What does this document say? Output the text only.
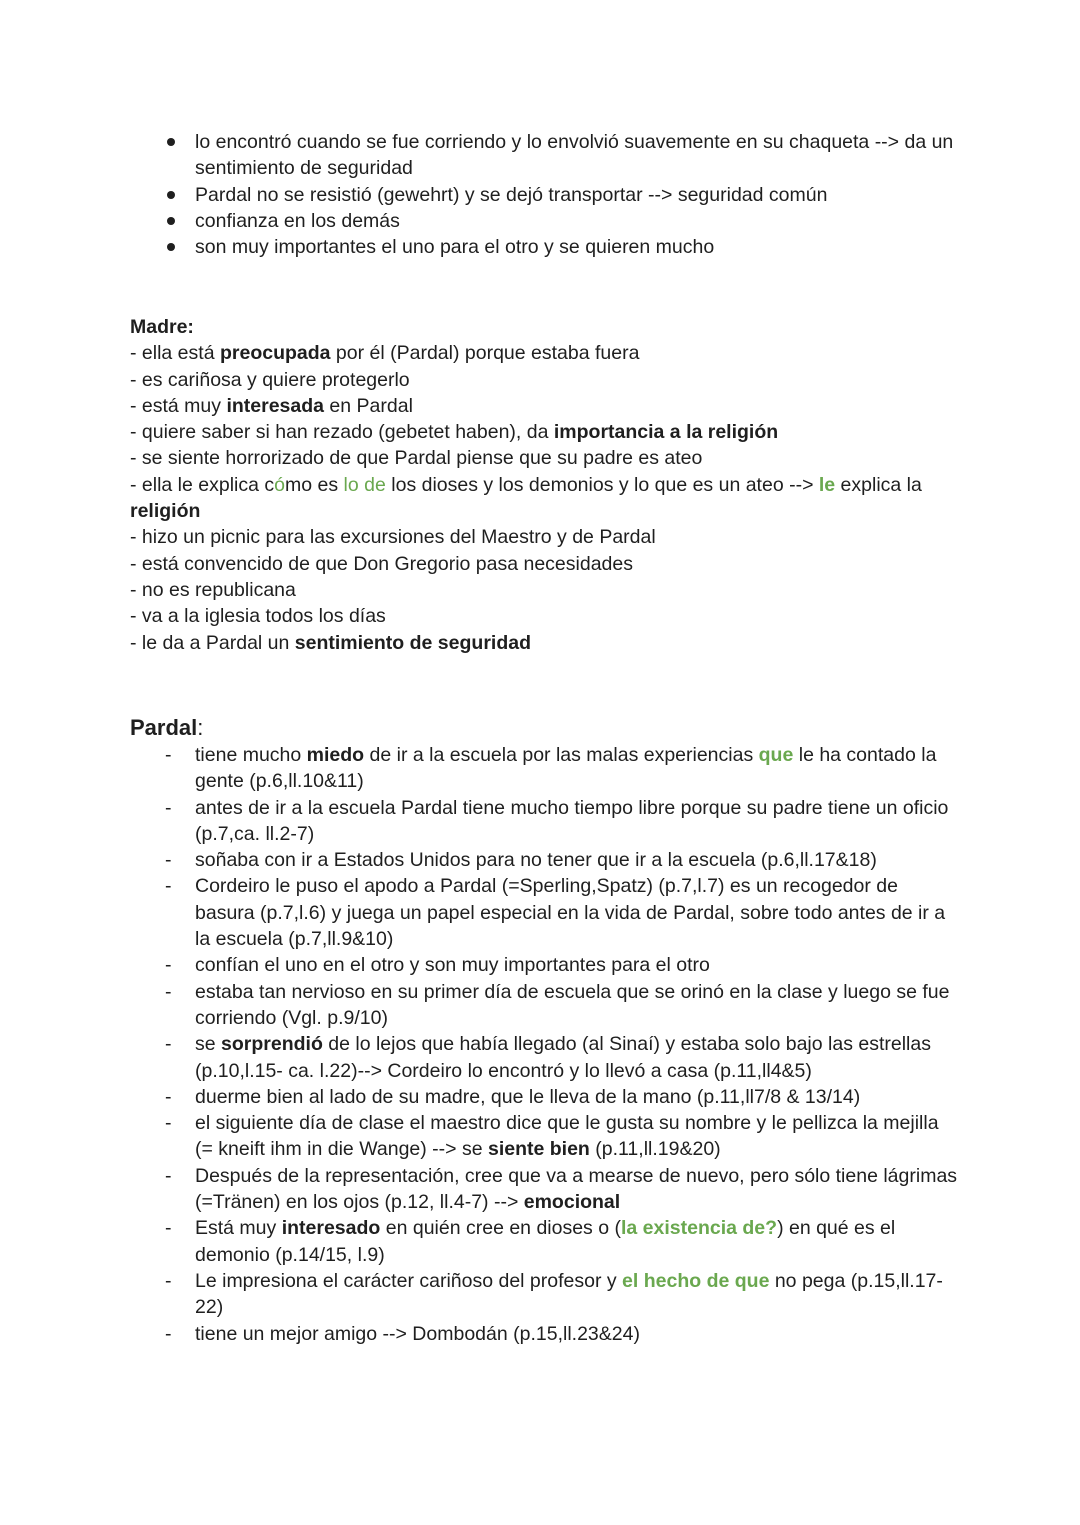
lo encontró cuando se fue corriendo y lo envolvió suavemente en su chaqueta --> da un sentimiento de seguridad
Pardal no se resistió (gewehrt) y se dejó transportar --> seguridad común
confianza en los demás
son muy importantes el uno para el otro y se quieren mucho

Madre:

- ella está preocupada por él (Pardal) porque estaba fuera
- es cariñosa y quiere protegerlo
- está muy interesada en Pardal
- quiere saber si han rezado (gebetet haben), da importancia a la religión
- se siente horrorizado de que Pardal piense que su padre es ateo
- ella le explica cómo es lo de los dioses y los demonios y lo que es un ateo --> le explica la religión
- hizo un picnic para las excursiones del Maestro y de Pardal
- está convencido de que Don Gregorio pasa necesidades
- no es republicana
- va a la iglesia todos los días
- le da a Pardal un sentimiento de seguridad

Pardal:

- tiene mucho miedo de ir a la escuela por las malas experiencias que le ha contado la gente (p.6,ll.10&11)
- antes de ir a la escuela Pardal tiene mucho tiempo libre porque su padre tiene un oficio (p.7,ca. ll.2-7)
- soñaba con ir a Estados Unidos para no tener que ir a la escuela (p.6,ll.17&18)
- Cordeiro le puso el apodo a Pardal (=Sperling,Spatz) (p.7,l.7) es un recogedor de basura (p.7,l.6) y juega un papel especial en la vida de Pardal, sobre todo antes de ir a la escuela (p.7,ll.9&10)
- confían el uno en el otro y son muy importantes para el otro
- estaba tan nervioso en su primer día de escuela que se orinó en la clase y luego se fue corriendo (Vgl. p.9/10)
- se sorprendió de lo lejos que había llegado (al Sinaí) y estaba solo bajo las estrellas (p.10,l.15- ca. l.22)--> Cordeiro lo encontró y lo llevó a casa (p.11,ll4&5)
- duerme bien al lado de su madre, que le lleva de la mano (p.11,ll7/8 & 13/14)
- el siguiente día de clase el maestro dice que le gusta su nombre y le pellizca la mejilla (= kneift ihm in die Wange) --> se siente bien (p.11,ll.19&20)
- Después de la representación, cree que va a mearse de nuevo, pero sólo tiene lágrimas (=Tränen) en los ojos (p.12, ll.4-7) --> emocional
- Está muy interesado en quién cree en dioses o (la existencia de?) en qué es el demonio (p.14/15, l.9)
- Le impresiona el carácter cariñoso del profesor y el hecho de que no pega (p.15,ll.17-22)
- tiene un mejor amigo --> Dombodán (p.15,ll.23&24)
